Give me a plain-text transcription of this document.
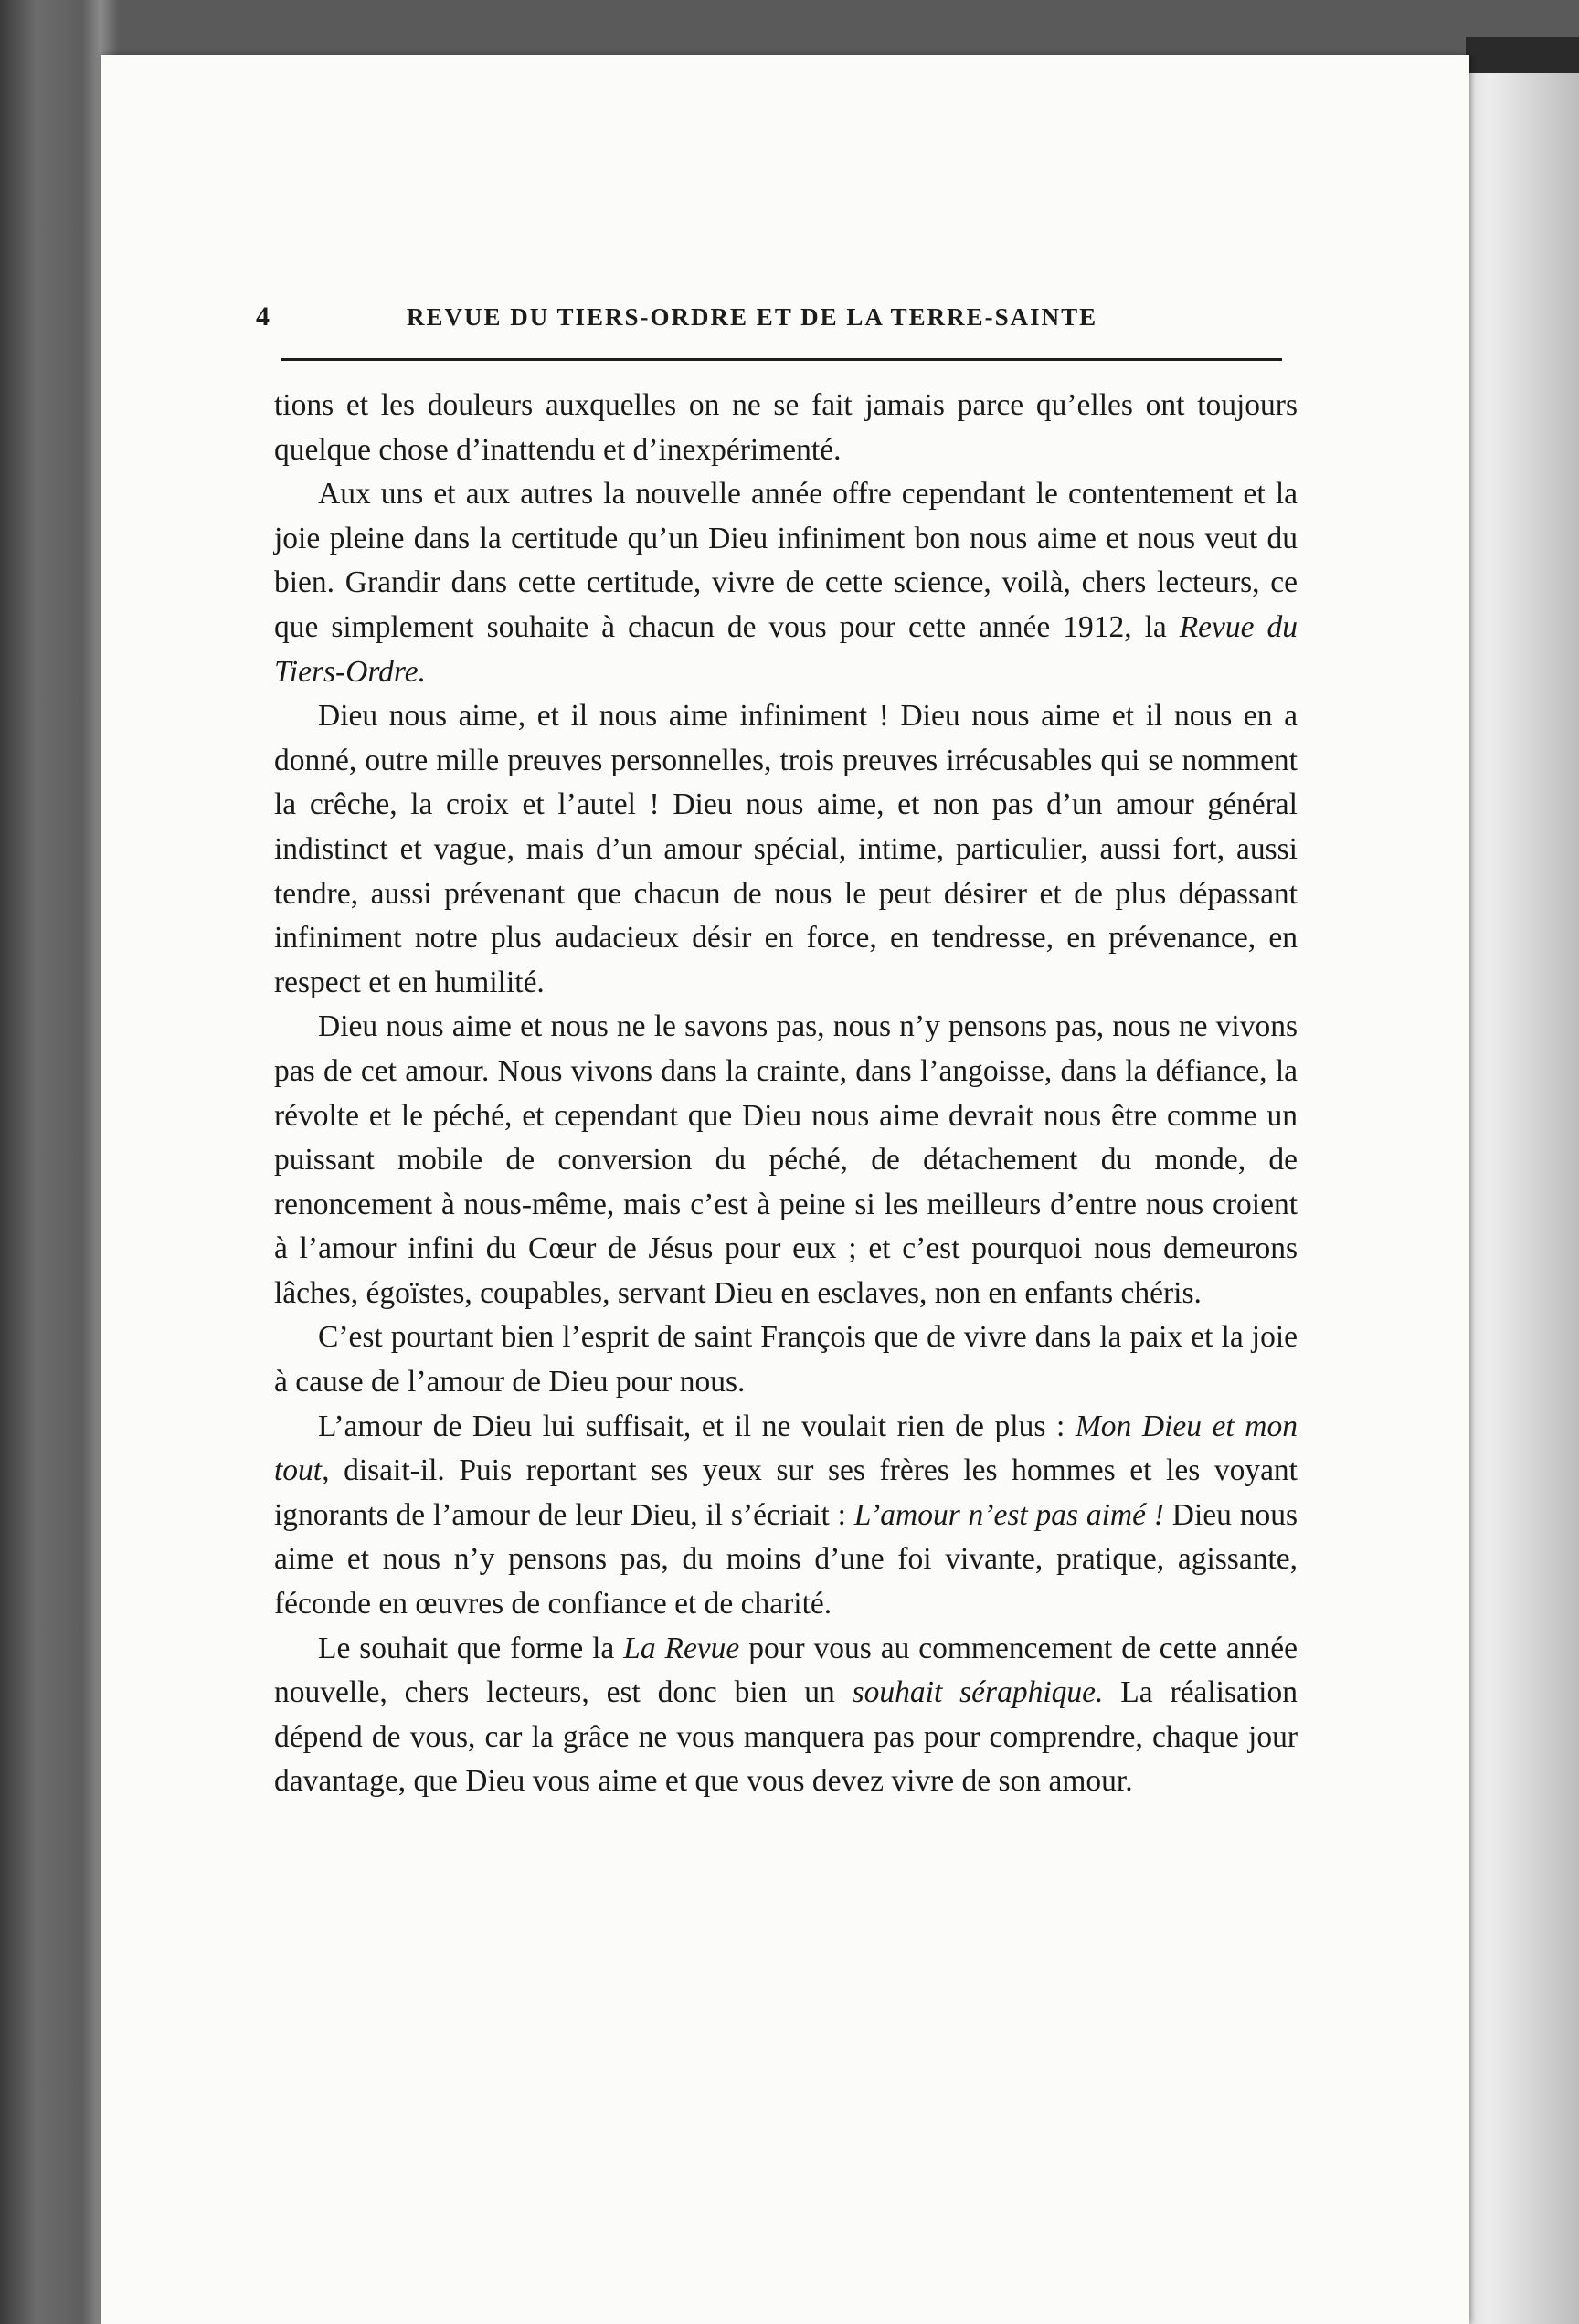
4	REVUE DU TIERS-ORDRE ET DE LA TERRE-SAINTE

tions et les douleurs auxquelles on ne se fait jamais parce qu’elles ont toujours quelque chose d’inattendu et d’inexpérimenté.

Aux uns et aux autres la nouvelle année offre cependant le contentement et la joie pleine dans la certitude qu’un Dieu infiniment bon nous aime et nous veut du bien. Grandir dans cette certitude, vivre de cette science, voilà, chers lecteurs, ce que simplement souhaite à chacun de vous pour cette année 1912, la Revue du Tiers-Ordre.

Dieu nous aime, et il nous aime infiniment ! Dieu nous aime et il nous en a donné, outre mille preuves personnelles, trois preuves irrécusables qui se nomment la crêche, la croix et l’autel ! Dieu nous aime, et non pas d’un amour général indistinct et vague, mais d’un amour spécial, intime, particulier, aussi fort, aussi tendre, aussi prévenant que chacun de nous le peut désirer et de plus dépassant infiniment notre plus audacieux désir en force, en tendresse, en prévenance, en respect et en humilité.

Dieu nous aime et nous ne le savons pas, nous n’y pensons pas, nous ne vivons pas de cet amour. Nous vivons dans la crainte, dans l’angoisse, dans la défiance, la révolte et le péché, et cependant que Dieu nous aime devrait nous être comme un puissant mobile de conversion du péché, de détachement du monde, de renoncement à nous-même, mais c’est à peine si les meilleurs d’entre nous croient à l’amour infini du Cœur de Jésus pour eux ; et c’est pourquoi nous demeurons lâches, égoïstes, coupables, servant Dieu en esclaves, non en enfants chéris.

C’est pourtant bien l’esprit de saint François que de vivre dans la paix et la joie à cause de l’amour de Dieu pour nous.

L’amour de Dieu lui suffisait, et il ne voulait rien de plus : Mon Dieu et mon tout, disait-il. Puis reportant ses yeux sur ses frères les hommes et les voyant ignorants de l’amour de leur Dieu, il s’écriait : L’amour n’est pas aimé ! Dieu nous aime et nous n’y pensons pas, du moins d’une foi vivante, pratique, agissante, féconde en œuvres de confiance et de charité.

Le souhait que forme la La Revue pour vous au commencement de cette année nouvelle, chers lecteurs, est donc bien un souhait séraphique. La réalisation dépend de vous, car la grâce ne vous manquera pas pour comprendre, chaque jour davantage, que Dieu vous aime et que vous devez vivre de son amour.
